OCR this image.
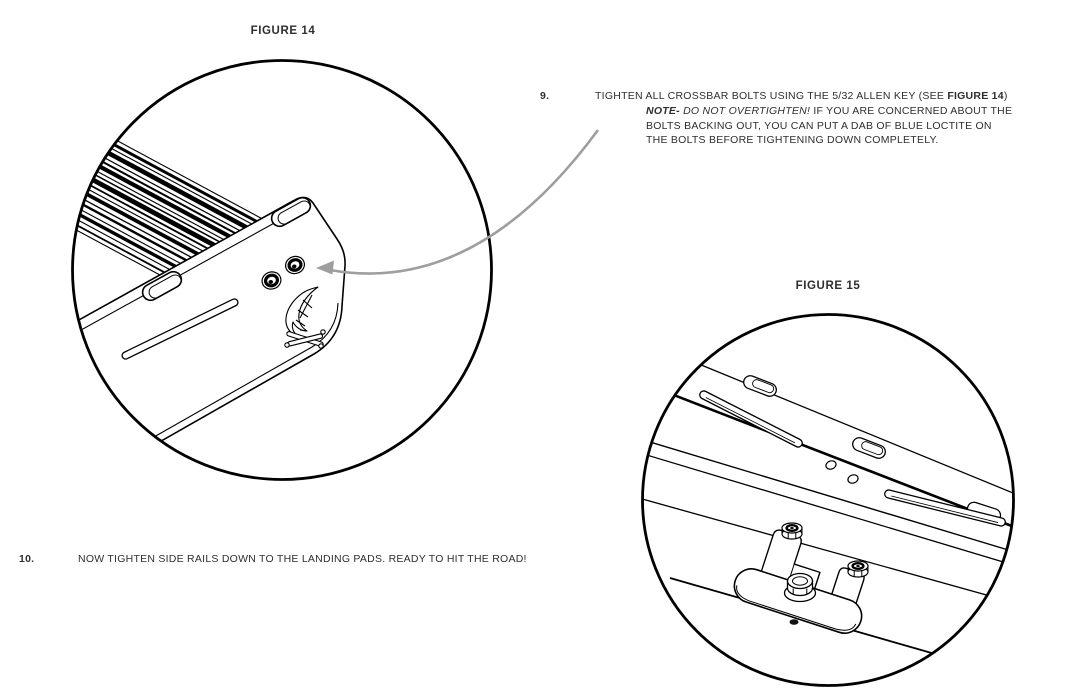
FIGURE 14
FIGURE 15
9.	TIGHTEN ALL CROSSBAR BOLTS USING THE 5/32 ALLEN KEY (SEE FIGURE 14)
NOTE- DO NOT OVERTIGHTEN! IF YOU ARE CONCERNED ABOUT THE
BOLTS BACKING OUT, YOU CAN PUT A DAB OF BLUE LOCTITE ON
THE BOLTS BEFORE TIGHTENING DOWN COMPLETELY.
10.	NOW TIGHTEN SIDE RAILS DOWN TO THE LANDING PADS. READY TO HIT THE ROAD!
